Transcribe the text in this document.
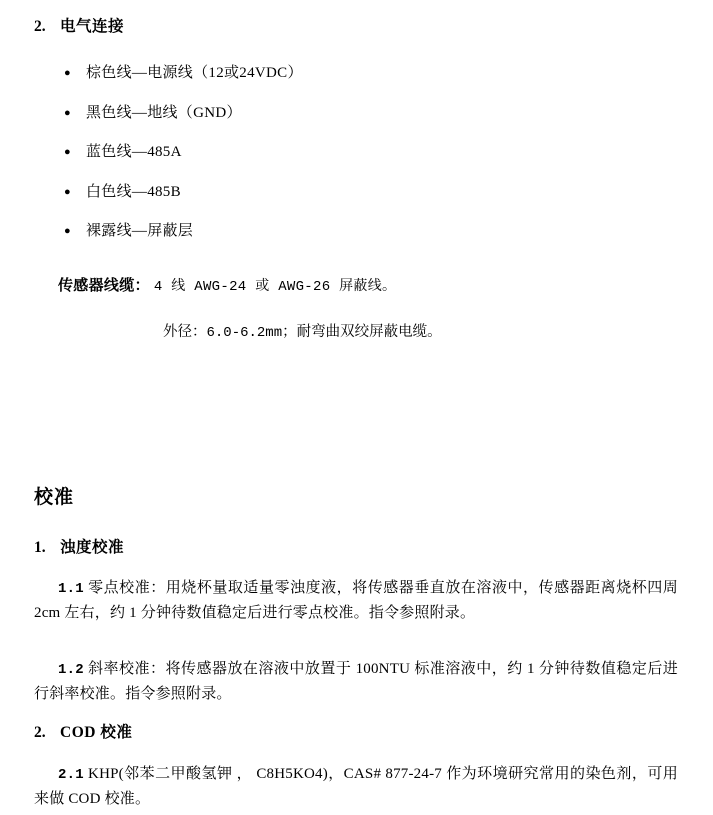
2. 电气连接
●	棕色线—电源线（12或24VDC）
●	黑色线—地线（GND）
●	蓝色线—485A
●	白色线—485B
●	裸露线—屏蔽层
传感器线缆： 4 线 AWG-24 或 AWG-26 屏蔽线。
外径：6.0-6.2mm；耐弯曲双绞屏蔽电缆。
校准
1. 浊度校准
1.1 零点校准：用烧杯量取适量零浊度液，将传感器垂直放在溶液中，传感器距离烧杯四周 2cm 左右，约 1 分钟待数值稳定后进行零点校准。指令参照附录。
1.2 斜率校准：将传感器放在溶液中放置于 100NTU 标准溶液中，约 1 分钟待数值稳定后进行斜率校准。指令参照附录。
2. COD 校准
2.1 KHP(邻苯二甲酸氢钾 ， C8H5KO4)，CAS# 877-24-7 作为环境研究常用的染色剂，可用来做 COD 校准。
